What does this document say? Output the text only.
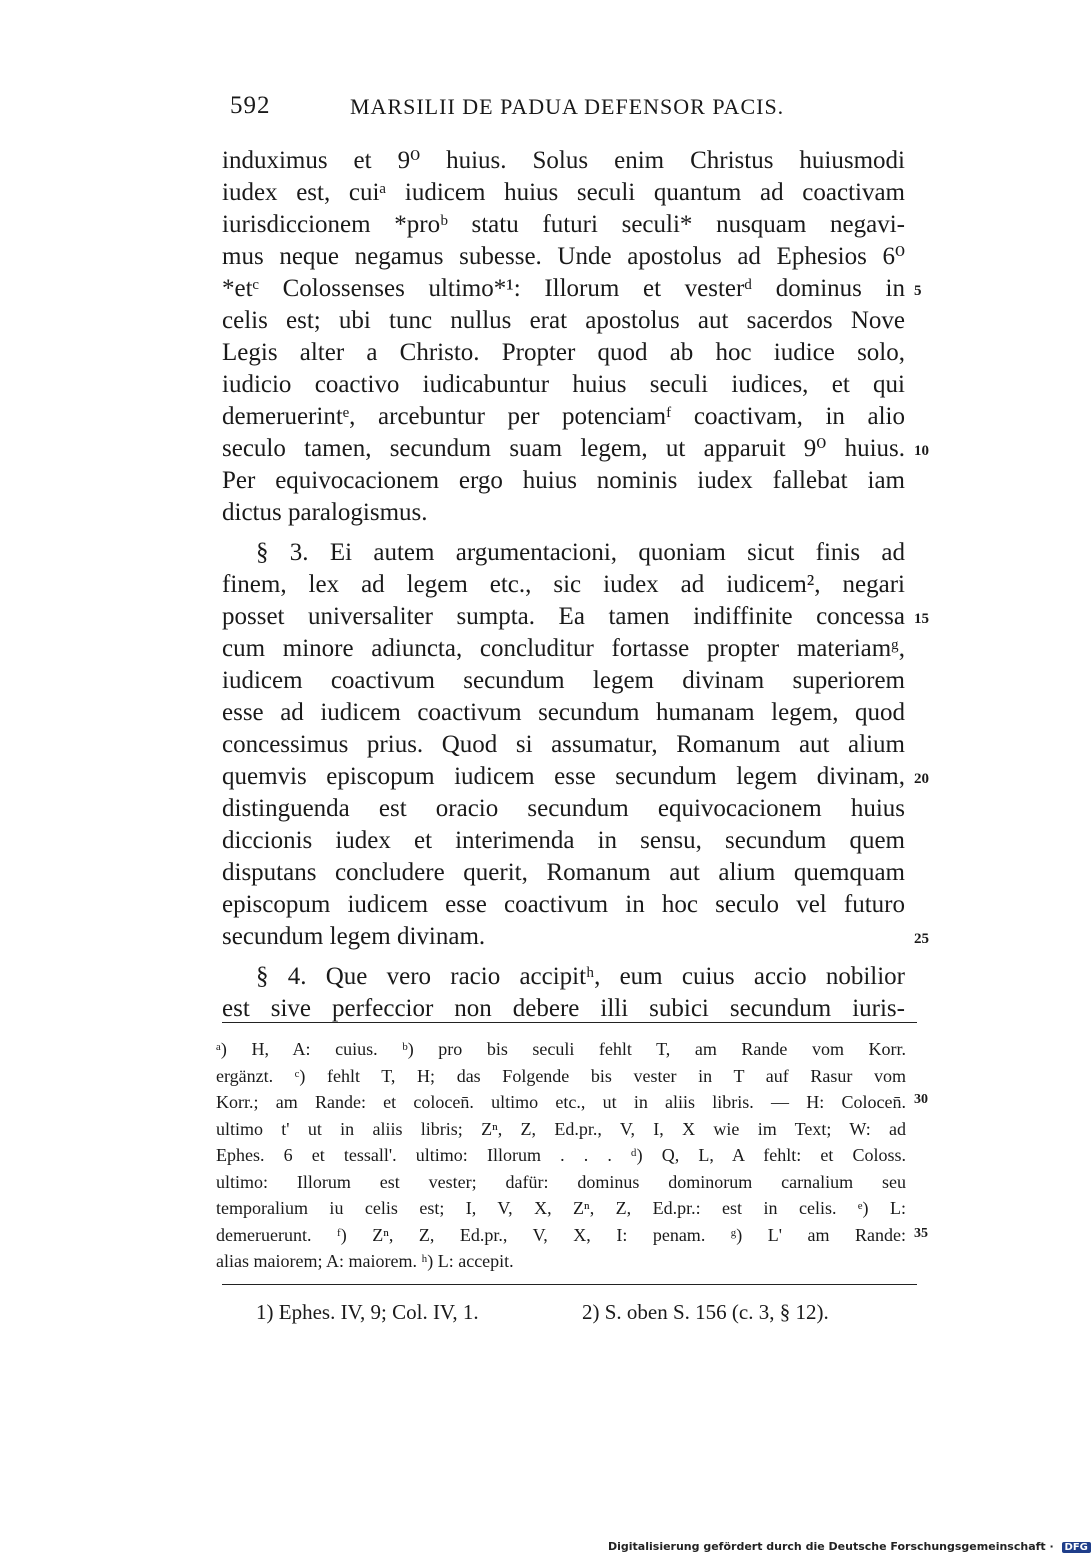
592	MARSILII DE PADUA DEFENSOR PACIS.
induximus et 9⁰ huius. Solus enim Christus huiusmodi
iudex est, cuiᵃ iudicem huius seculi quantum ad coactivam
iurisdiccionem *proᵇ statu futuri seculi* nusquam negavi-
mus neque negamus subesse. Unde apostolus ad Ephesios 6⁰
*etᶜ Colossenses ultimo*¹: Illorum et vesterᵈ dominus in
celis est; ubi tunc nullus erat apostolus aut sacerdos Nove
Legis alter a Christo. Propter quod ab hoc iudice solo,
iudicio coactivo iudicabuntur huius seculi iudices, et qui
demeruerintᵉ, arcebuntur per potenciamᶠ coactivam, in alio
seculo tamen, secundum suam legem, ut apparuit 9⁰ huius.
Per equivocacionem ergo huius nominis iudex fallebat iam
dictus paralogismus.
§ 3. Ei autem argumentacioni, quoniam sicut finis ad
finem, lex ad legem etc., sic iudex ad iudicem², negari
posset universaliter sumpta. Ea tamen indiffinite concessa
cum minore adiuncta, concluditur fortasse propter materiamᵍ,
iudicem coactivum secundum legem divinam superiorem
esse ad iudicem coactivum secundum humanam legem, quod
concessimus prius. Quod si assumatur, Romanum aut alium
quemvis episcopum iudicem esse secundum legem divinam,
distinguenda est oracio secundum equivocacionem huius
diccionis iudex et interimenda in sensu, secundum quem
disputans concludere querit, Romanum aut alium quemquam
episcopum iudicem esse coactivum in hoc seculo vel futuro
secundum legem divinam.
§ 4. Que vero racio accipitʰ, eum cuius accio nobilior
est sive perfeccior non debere illi subici secundum iuris-
5
10
15
20
25
ᵃ) H, A: cuius. ᵇ) pro bis seculi fehlt T, am Rande vom Korr.
ergänzt. ᶜ) fehlt T, H; das Folgende bis vester in T auf Rasur vom
Korr.; am Rande: et colocen̄. ultimo etc., ut in aliis libris. — H: Colocen̄.
ultimo t' ut in aliis libris; Zⁿ, Z, Ed.pr., V, I, X wie im Text; W: ad
Ephes. 6 et tessall'. ultimo: Illorum . . . ᵈ) Q, L, A fehlt: et Coloss.
ultimo: Illorum est vester; dafür: dominus dominorum carnalium seu
temporalium iu celis est; I, V, X, Zⁿ, Z, Ed.pr.: est in celis. ᵉ) L:
demeruerunt. ᶠ) Zⁿ, Z, Ed.pr., V, X, I: penam. ᵍ) L' am Rande:
alias maiorem; A: maiorem. ʰ) L: accepit.
30
35
1) Ephes. IV, 9; Col. IV, 1.	2) S. oben S. 156 (c. 3, § 12).
Digitalisierung gefördert durch die Deutsche Forschungsgemeinschaft · DFG
